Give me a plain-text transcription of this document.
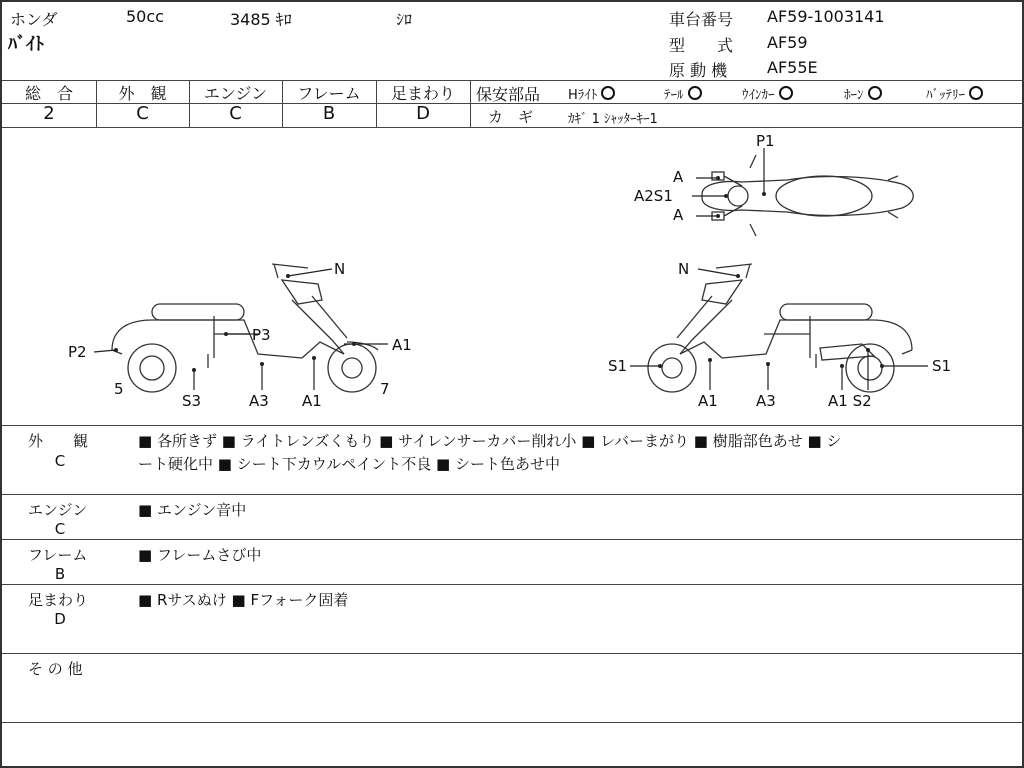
ホンダ	50cc	3485 ｷﾛ	ｼﾛ
ﾊﾞｲﾄ
車台番号 AF59-1003141
型　　式 AF59
原 動 機 AF55E
総　合
2
外　観
C
エンジン
C
フレーム
B
足まわり
D
保安部品 Hﾗｲﾄ	ﾃｰﾙ	ｳｲﾝｶｰ	ﾎｰﾝ	ﾊﾞｯﾃﾘｰ
カ　ギ	ｶｷﾞ 1 ｼｬｯﾀｰｷｰ1
P1
A
A2S1
A
N
P3
P2	A1
5	7
S3	A3 A1
N
S1	S1
A1	A3	A1 S2
外　　観
C
■ 各所きず ■ ライトレンズくもり ■ サイレンサーカバー削れ小 ■ レバーまがり ■ 樹脂部色あせ ■ シ
ート硬化中 ■ シート下カウルペイント不良 ■ シート色あせ中
エンジン
C
■ エンジン音中
フレーム
B
■ フレームさび中
足まわり
D
■ Rサスぬけ ■ Fフォーク固着
そ の 他
